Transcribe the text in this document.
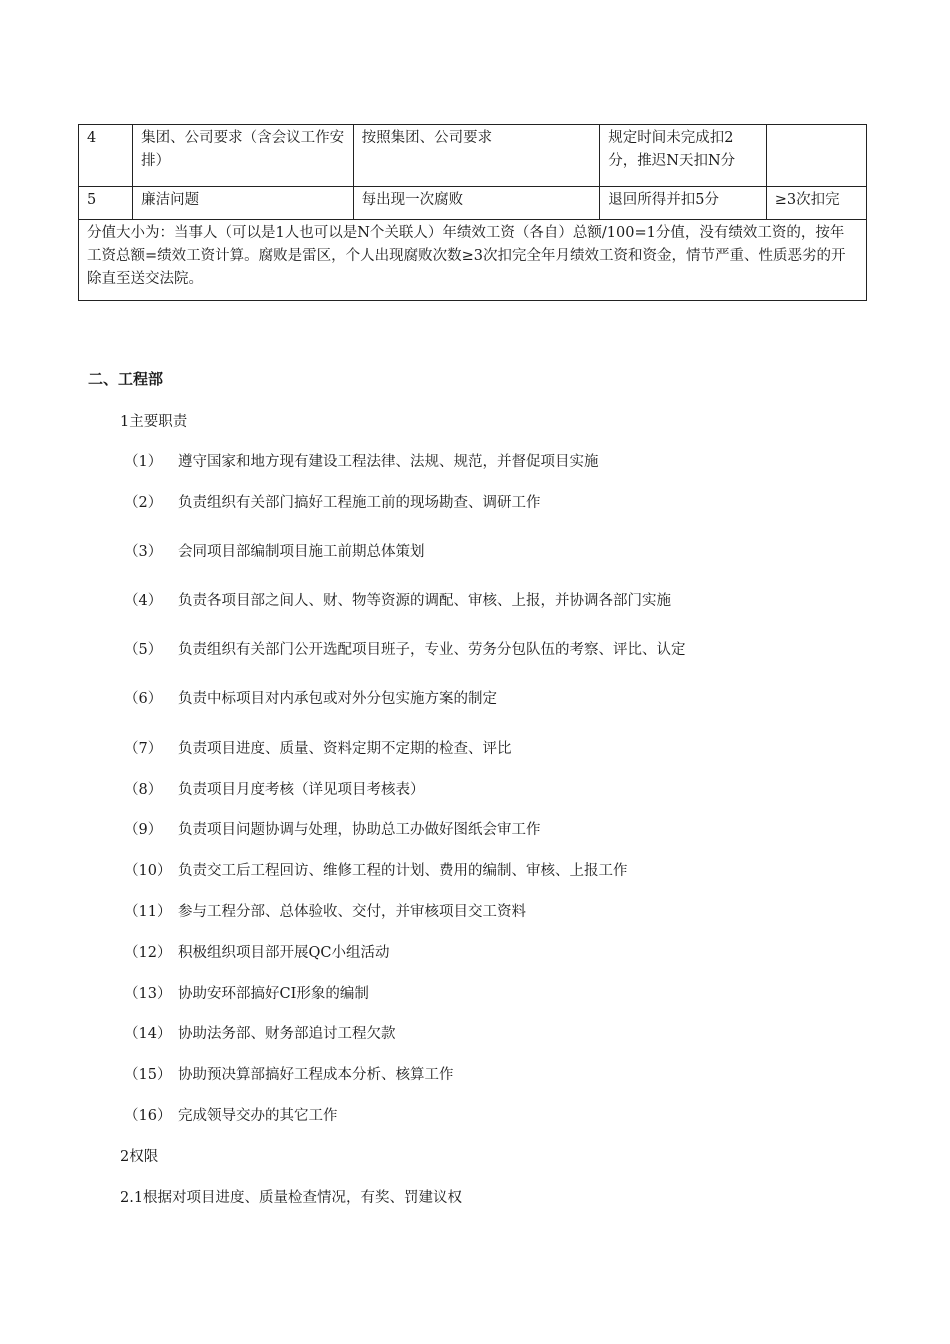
4	集团、公司要求（含会议工作安排）	按照集团、公司要求	规定时间未完成扣2分，推迟N天扣N分	
5	廉洁问题	每出现一次腐败	退回所得并扣5分	≥3次扣完
分值大小为：当事人（可以是1人也可以是N个关联人）年绩效工资（各自）总额/100=1分值，没有绩效工资的，按年工资总额=绩效工资计算。腐败是雷区，个人出现腐败次数≥3次扣完全年月绩效工资和资金，情节严重、性质恶劣的开除直至送交法院。				
二、工程部
1主要职责
（1） 遵守国家和地方现有建设工程法律、法规、规范，并督促项目实施
（2） 负责组织有关部门搞好工程施工前的现场勘查、调研工作
（3） 会同项目部编制项目施工前期总体策划
（4） 负责各项目部之间人、财、物等资源的调配、审核、上报，并协调各部门实施
（5） 负责组织有关部门公开选配项目班子，专业、劳务分包队伍的考察、评比、认定
（6） 负责中标项目对内承包或对外分包实施方案的制定
（7） 负责项目进度、质量、资料定期不定期的检查、评比
（8） 负责项目月度考核（详见项目考核表）
（9） 负责项目问题协调与处理，协助总工办做好图纸会审工作
（10） 负责交工后工程回访、维修工程的计划、费用的编制、审核、上报工作
（11） 参与工程分部、总体验收、交付，并审核项目交工资料
（12） 积极组织项目部开展QC小组活动
（13） 协助安环部搞好CI形象的编制
（14） 协助法务部、财务部追讨工程欠款
（15） 协助预决算部搞好工程成本分析、核算工作
（16） 完成领导交办的其它工作
2权限
2.1根据对项目进度、质量检查情况，有奖、罚建议权
